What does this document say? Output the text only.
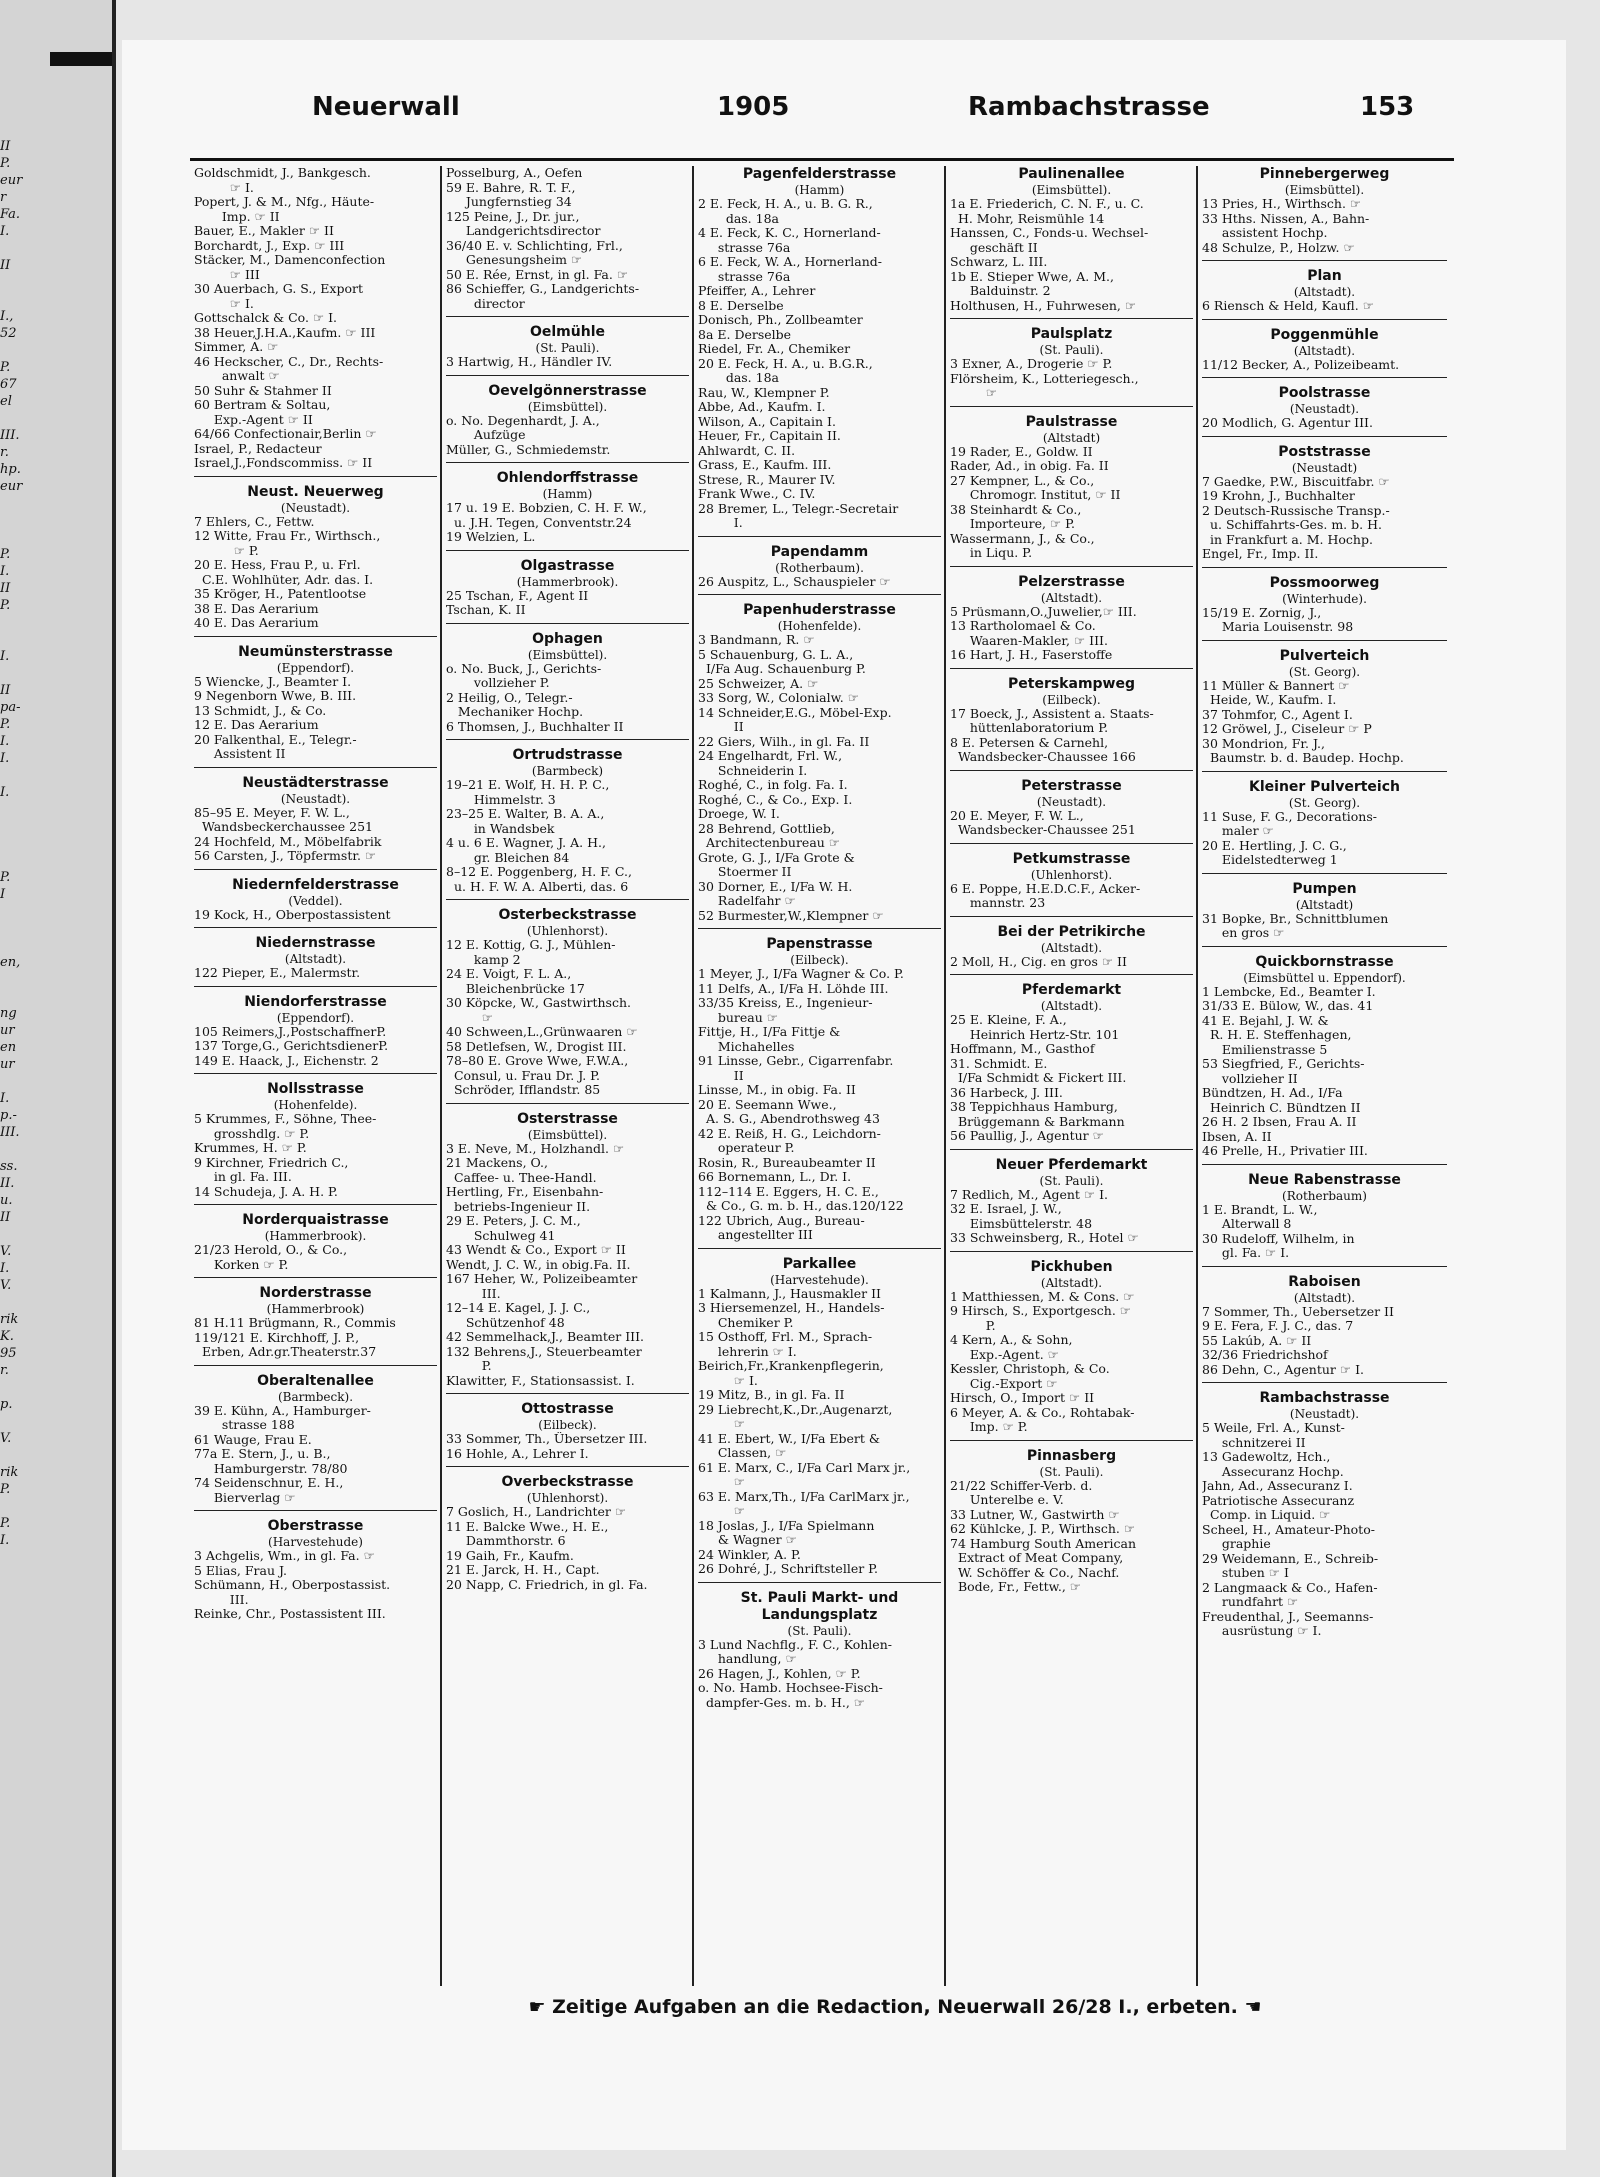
II
P.
eur
r
Fa.
I.
II
I.,
52
P.
67
el
III.
r.
hp.
eur
P.
I.
II
P.
I.
II
pa-
P.
I.
I.
I.
P.
I
en,
ng
ur
en
ur
I.
p.-
III.
ss.
II.
u.
II
V.
I.
V.
rik
K.
95
r.
p.
V.
rik
P.
P.
I.
Neuerwall	1905	Rambachstrasse	153
Goldschmidt, J., Bankgesch.
☞ I.
Popert, J. & M., Nfg., Häute-
Imp. ☞ II
Bauer, E., Makler ☞ II
Borchardt, J., Exp. ☞ III
Stäcker, M., Damenconfection
☞ III
30 Auerbach, G. S., Export
☞ I.
Gottschalck & Co. ☞ I.
38 Heuer,J.H.A.,Kaufm. ☞ III
Simmer, A. ☞
46 Heckscher, C., Dr., Rechts-
anwalt ☞
50 Suhr & Stahmer II
60 Bertram & Soltau,
Exp.-Agent ☞ II
64/66 Confectionair,Berlin ☞
Israel, P., Redacteur
Israel,J.,Fondscommiss. ☞ II
Neust. Neuerweg
(Neustadt).
7 Ehlers, C., Fettw.
12 Witte, Frau Fr., Wirthsch.,
☞ P.
20 E. Hess, Frau P., u. Frl.
C.E. Wohlhüter, Adr. das. I.
35 Kröger, H., Patentlootse
38 E. Das Aerarium
40 E. Das Aerarium
Neumünsterstrasse
(Eppendorf).
5 Wiencke, J., Beamter I.
9 Negenborn Wwe, B. III.
13 Schmidt, J., & Co.
12 E. Das Aerarium
20 Falkenthal, E., Telegr.-
Assistent II
Neustädterstrasse
(Neustadt).
85–95 E. Meyer, F. W. L.,
Wandsbeckerchaussee 251
24 Hochfeld, M., Möbelfabrik
56 Carsten, J., Töpfermstr. ☞
Niedernfelderstrasse
(Veddel).
19 Kock, H., Oberpostassistent
Niedernstrasse
(Altstadt).
122 Pieper, E., Malermstr.
Niendorferstrasse
(Eppendorf).
105 Reimers,J.,PostschaffnerP.
137 Torge,G., GerichtsdienerP.
149 E. Haack, J., Eichenstr. 2
Nollsstrasse
(Hohenfelde).
5 Krummes, F., Söhne, Thee-
grosshdlg. ☞ P.
Krummes, H. ☞ P.
9 Kirchner, Friedrich C.,
in gl. Fa. III.
14 Schudeja, J. A. H. P.
Norderquaistrasse
(Hammerbrook).
21/23 Herold, O., & Co.,
Korken ☞ P.
Norderstrasse
(Hammerbrook)
81 H.11 Brügmann, R., Commis
119/121 E. Kirchhoff, J. P.,
Erben, Adr.gr.Theaterstr.37
Oberaltenallee
(Barmbeck).
39 E. Kühn, A., Hamburger-
strasse 188
61 Wauge, Frau E.
77a E. Stern, J., u. B.,
Hamburgerstr. 78/80
74 Seidenschnur, E. H.,
Bierverlag ☞
Oberstrasse
(Harvestehude)
3 Achgelis, Wm., in gl. Fa. ☞
5 Elias, Frau J.
Schümann, H., Oberpostassist.
III.
Reinke, Chr., Postassistent III.
Posselburg, A., Oefen
59 E. Bahre, R. T. F.,
Jungfernstieg 34
125 Peine, J., Dr. jur.,
Landgerichtsdirector
36/40 E. v. Schlichting, Frl.,
Genesungsheim ☞
50 E. Rée, Ernst, in gl. Fa. ☞
86 Schieffer, G., Landgerichts-
director
Oelmühle
(St. Pauli).
3 Hartwig, H., Händler IV.
Oevelgönnerstrasse
(Eimsbüttel).
o. No. Degenhardt, J. A.,
Aufzüge
Müller, G., Schmiedemstr.
Ohlendorffstrasse
(Hamm)
17 u. 19 E. Bobzien, C. H. F. W.,
u. J.H. Tegen, Conventstr.24
19 Welzien, L.
Olgastrasse
(Hammerbrook).
25 Tschan, F., Agent II
Tschan, K. II
Ophagen
(Eimsbüttel).
o. No. Buck, J., Gerichts-
vollzieher P.
2 Heilig, O., Telegr.-
Mechaniker Hochp.
6 Thomsen, J., Buchhalter II
Ortrudstrasse
(Barmbeck)
19–21 E. Wolf, H. H. P. C.,
Himmelstr. 3
23–25 E. Walter, B. A. A.,
in Wandsbek
4 u. 6 E. Wagner, J. A. H.,
gr. Bleichen 84
8–12 E. Poggenberg, H. F. C.,
u. H. F. W. A. Alberti, das. 6
Osterbeckstrasse
(Uhlenhorst).
12 E. Kottig, G. J., Mühlen-
kamp 2
24 E. Voigt, F. L. A.,
Bleichenbrücke 17
30 Köpcke, W., Gastwirthsch.
☞
40 Schween,L.,Grünwaaren ☞
58 Detlefsen, W., Drogist III.
78–80 E. Grove Wwe, F.W.A.,
Consul, u. Frau Dr. J. P.
Schröder, Ifflandstr. 85
Osterstrasse
(Eimsbüttel).
3 E. Neve, M., Holzhandl. ☞
21 Mackens, O.,
Caffee- u. Thee-Handl.
Hertling, Fr., Eisenbahn-
betriebs-Ingenieur II.
29 E. Peters, J. C. M.,
Schulweg 41
43 Wendt & Co., Export ☞ II
Wendt, J. C. W., in obig.Fa. II.
167 Heher, W., Polizeibeamter
III.
12–14 E. Kagel, J. J. C.,
Schützenhof 48
42 Semmelhack,J., Beamter III.
132 Behrens,J., Steuerbeamter
P.
Klawitter, F., Stationsassist. I.
Ottostrasse
(Eilbeck).
33 Sommer, Th., Übersetzer III.
16 Hohle, A., Lehrer I.
Overbeckstrasse
(Uhlenhorst).
7 Goslich, H., Landrichter ☞
11 E. Balcke Wwe., H. E.,
Dammthorstr. 6
19 Gaih, Fr., Kaufm.
21 E. Jarck, H. H., Capt.
20 Napp, C. Friedrich, in gl. Fa.
Pagenfelderstrasse
(Hamm)
2 E. Feck, H. A., u. B. G. R.,
das. 18a
4 E. Feck, K. C., Hornerland-
strasse 76a
6 E. Feck, W. A., Hornerland-
strasse 76a
Pfeiffer, A., Lehrer
8 E. Derselbe
Donisch, Ph., Zollbeamter
8a E. Derselbe
Riedel, Fr. A., Chemiker
20 E. Feck, H. A., u. B.G.R.,
das. 18a
Rau, W., Klempner P.
Abbe, Ad., Kaufm. I.
Wilson, A., Capitain I.
Heuer, Fr., Capitain II.
Ahlwardt, C. II.
Grass, E., Kaufm. III.
Strese, R., Maurer IV.
Frank Wwe., C. IV.
28 Bremer, L., Telegr.-Secretair
I.
Papendamm
(Rotherbaum).
26 Auspitz, L., Schauspieler ☞
Papenhuderstrasse
(Hohenfelde).
3 Bandmann, R. ☞
5 Schauenburg, G. L. A.,
I/Fa Aug. Schauenburg P.
25 Schweizer, A. ☞
33 Sorg, W., Colonialw. ☞
14 Schneider,E.G., Möbel-Exp.
II
22 Giers, Wilh., in gl. Fa. II
24 Engelhardt, Frl. W.,
Schneiderin I.
Roghé, C., in folg. Fa. I.
Roghé, C., & Co., Exp. I.
Droege, W. I.
28 Behrend, Gottlieb,
Architectenbureau ☞
Grote, G. J., I/Fa Grote &
Stoermer II
30 Dorner, E., I/Fa W. H.
Radelfahr ☞
52 Burmester,W.,Klempner ☞
Papenstrasse
(Eilbeck).
1 Meyer, J., I/Fa Wagner & Co. P.
11 Delfs, A., I/Fa H. Löhde III.
33/35 Kreiss, E., Ingenieur-
bureau ☞
Fittje, H., I/Fa Fittje &
Michahelles
91 Linsse, Gebr., Cigarrenfabr.
II
Linsse, M., in obig. Fa. II
20 E. Seemann Wwe.,
A. S. G., Abendrothsweg 43
42 E. Reiß, H. G., Leichdorn-
operateur P.
Rosin, R., Bureaubeamter II
66 Bornemann, L., Dr. I.
112–114 E. Eggers, H. C. E.,
& Co., G. m. b. H., das.120/122
122 Ubrich, Aug., Bureau-
angestellter III
Parkallee
(Harvestehude).
1 Kalmann, J., Hausmakler II
3 Hiersemenzel, H., Handels-
Chemiker P.
15 Osthoff, Frl. M., Sprach-
lehrerin ☞ I.
Beirich,Fr.,Krankenpflegerin,
☞ I.
19 Mitz, B., in gl. Fa. II
29 Liebrecht,K.,Dr.,Augenarzt,
☞
41 E. Ebert, W., I/Fa Ebert &
Classen, ☞
61 E. Marx, C., I/Fa Carl Marx jr.,
☞
63 E. Marx,Th., I/Fa CarlMarx jr.,
☞
18 Joslas, J., I/Fa Spielmann
& Wagner ☞
24 Winkler, A. P.
26 Dohré, J., Schriftsteller P.
St. Pauli Markt- und Landungsplatz
(St. Pauli).
3 Lund Nachflg., F. C., Kohlen-
handlung, ☞
26 Hagen, J., Kohlen, ☞ P.
o. No. Hamb. Hochsee-Fisch-
dampfer-Ges. m. b. H., ☞
Paulinenallee
(Eimsbüttel).
1a E. Friederich, C. N. F., u. C.
H. Mohr, Reismühle 14
Hanssen, C., Fonds-u. Wechsel-
geschäft II
Schwarz, L. III.
1b E. Stieper Wwe, A. M.,
Balduinstr. 2
Holthusen, H., Fuhrwesen, ☞
Paulsplatz
(St. Pauli).
3 Exner, A., Drogerie ☞ P.
Flörsheim, K., Lotteriegesch.,
☞
Paulstrasse
(Altstadt)
19 Rader, E., Goldw. II
Rader, Ad., in obig. Fa. II
27 Kempner, L., & Co.,
Chromogr. Institut, ☞ II
38 Steinhardt & Co.,
Importeure, ☞ P.
Wassermann, J., & Co.,
in Liqu. P.
Pelzerstrasse
(Altstadt).
5 Prüsmann,O.,Juwelier,☞ III.
13 Rartholomael & Co.
Waaren-Makler, ☞ III.
16 Hart, J. H., Faserstoffe
Peterskampweg
(Eilbeck).
17 Boeck, J., Assistent a. Staats-
hüttenlaboratorium P.
8 E. Petersen & Carnehl,
Wandsbecker-Chaussee 166
Peterstrasse
(Neustadt).
20 E. Meyer, F. W. L.,
Wandsbecker-Chaussee 251
Petkumstrasse
(Uhlenhorst).
6 E. Poppe, H.E.D.C.F., Acker-
mannstr. 23
Bei der Petrikirche
(Altstadt).
2 Moll, H., Cig. en gros ☞ II
Pferdemarkt
(Altstadt).
25 E. Kleine, F. A.,
Heinrich Hertz-Str. 101
Hoffmann, M., Gasthof
31. Schmidt. E.
I/Fa Schmidt & Fickert III.
36 Harbeck, J. III.
38 Teppichhaus Hamburg,
Brüggemann & Barkmann
56 Paullig, J., Agentur ☞
Neuer Pferdemarkt
(St. Pauli).
7 Redlich, M., Agent ☞ I.
32 E. Israel, J. W.,
Eimsbüttelerstr. 48
33 Schweinsberg, R., Hotel ☞
Pickhuben
(Altstadt).
1 Matthiessen, M. & Cons. ☞
9 Hirsch, S., Exportgesch. ☞
P.
4 Kern, A., & Sohn,
Exp.-Agent. ☞
Kessler, Christoph, & Co.
Cig.-Export ☞
Hirsch, O., Import ☞ II
6 Meyer, A. & Co., Rohtabak-
Imp. ☞ P.
Pinnasberg
(St. Pauli).
21/22 Schiffer-Verb. d.
Unterelbe e. V.
33 Lutner, W., Gastwirth ☞
62 Kühlcke, J. P., Wirthsch. ☞
74 Hamburg South American
Extract of Meat Company,
W. Schöffer & Co., Nachf.
Bode, Fr., Fettw., ☞
Pinnebergerweg
(Eimsbüttel).
13 Pries, H., Wirthsch. ☞
33 Hths. Nissen, A., Bahn-
assistent Hochp.
48 Schulze, P., Holzw. ☞
Plan
(Altstadt).
6 Riensch & Held, Kaufl. ☞
Poggenmühle
(Altstadt).
11/12 Becker, A., Polizeibeamt.
Poolstrasse
(Neustadt).
20 Modlich, G. Agentur III.
Poststrasse
(Neustadt)
7 Gaedke, P.W., Biscuitfabr. ☞
19 Krohn, J., Buchhalter
2 Deutsch-Russische Transp.-
u. Schiffahrts-Ges. m. b. H.
in Frankfurt a. M. Hochp.
Engel, Fr., Imp. II.
Possmoorweg
(Winterhude).
15/19 E. Zornig, J.,
Maria Louisenstr. 98
Pulverteich
(St. Georg).
11 Müller & Bannert ☞
Heide, W., Kaufm. I.
37 Tohmfor, C., Agent I.
12 Gröwel, J., Ciseleur ☞ P
30 Mondrion, Fr. J.,
Baumstr. b. d. Baudep. Hochp.
Kleiner Pulverteich
(St. Georg).
11 Suse, F. G., Decorations-
maler ☞
20 E. Hertling, J. C. G.,
Eidelstedterweg 1
Pumpen
(Altstadt)
31 Bopke, Br., Schnittblumen
en gros ☞
Quickbornstrasse
(Eimsbüttel u. Eppendorf).
1 Lembcke, Ed., Beamter I.
31/33 E. Bülow, W., das. 41
41 E. Bejahl, J. W. &
R. H. E. Steffenhagen,
Emilienstrasse 5
53 Siegfried, F., Gerichts-
vollzieher II
Bündtzen, H. Ad., I/Fa
Heinrich C. Bündtzen II
26 H. 2 Ibsen, Frau A. II
Ibsen, A. II
46 Prelle, H., Privatier III.
Neue Rabenstrasse
(Rotherbaum)
1 E. Brandt, L. W.,
Alterwall 8
30 Rudeloff, Wilhelm, in
gl. Fa. ☞ I.
Raboisen
(Altstadt).
7 Sommer, Th., Uebersetzer II
9 E. Fera, F. J. C., das. 7
55 Lakúb, A. ☞ II
32/36 Friedrichshof
86 Dehn, C., Agentur ☞ I.
Rambachstrasse
(Neustadt).
5 Weile, Frl. A., Kunst-
schnitzerei II
13 Gadewoltz, Hch.,
Assecuranz Hochp.
Jahn, Ad., Assecuranz I.
Patriotische Assecuranz
Comp. in Liquid. ☞
Scheel, H., Amateur-Photo-
graphie
29 Weidemann, E., Schreib-
stuben ☞ I
2 Langmaack & Co., Hafen-
rundfahrt ☞
Freudenthal, J., Seemanns-
ausrüstung ☞ I.
☛ Zeitige Aufgaben an die Redaction, Neuerwall 26/28 I., erbeten. ☚
